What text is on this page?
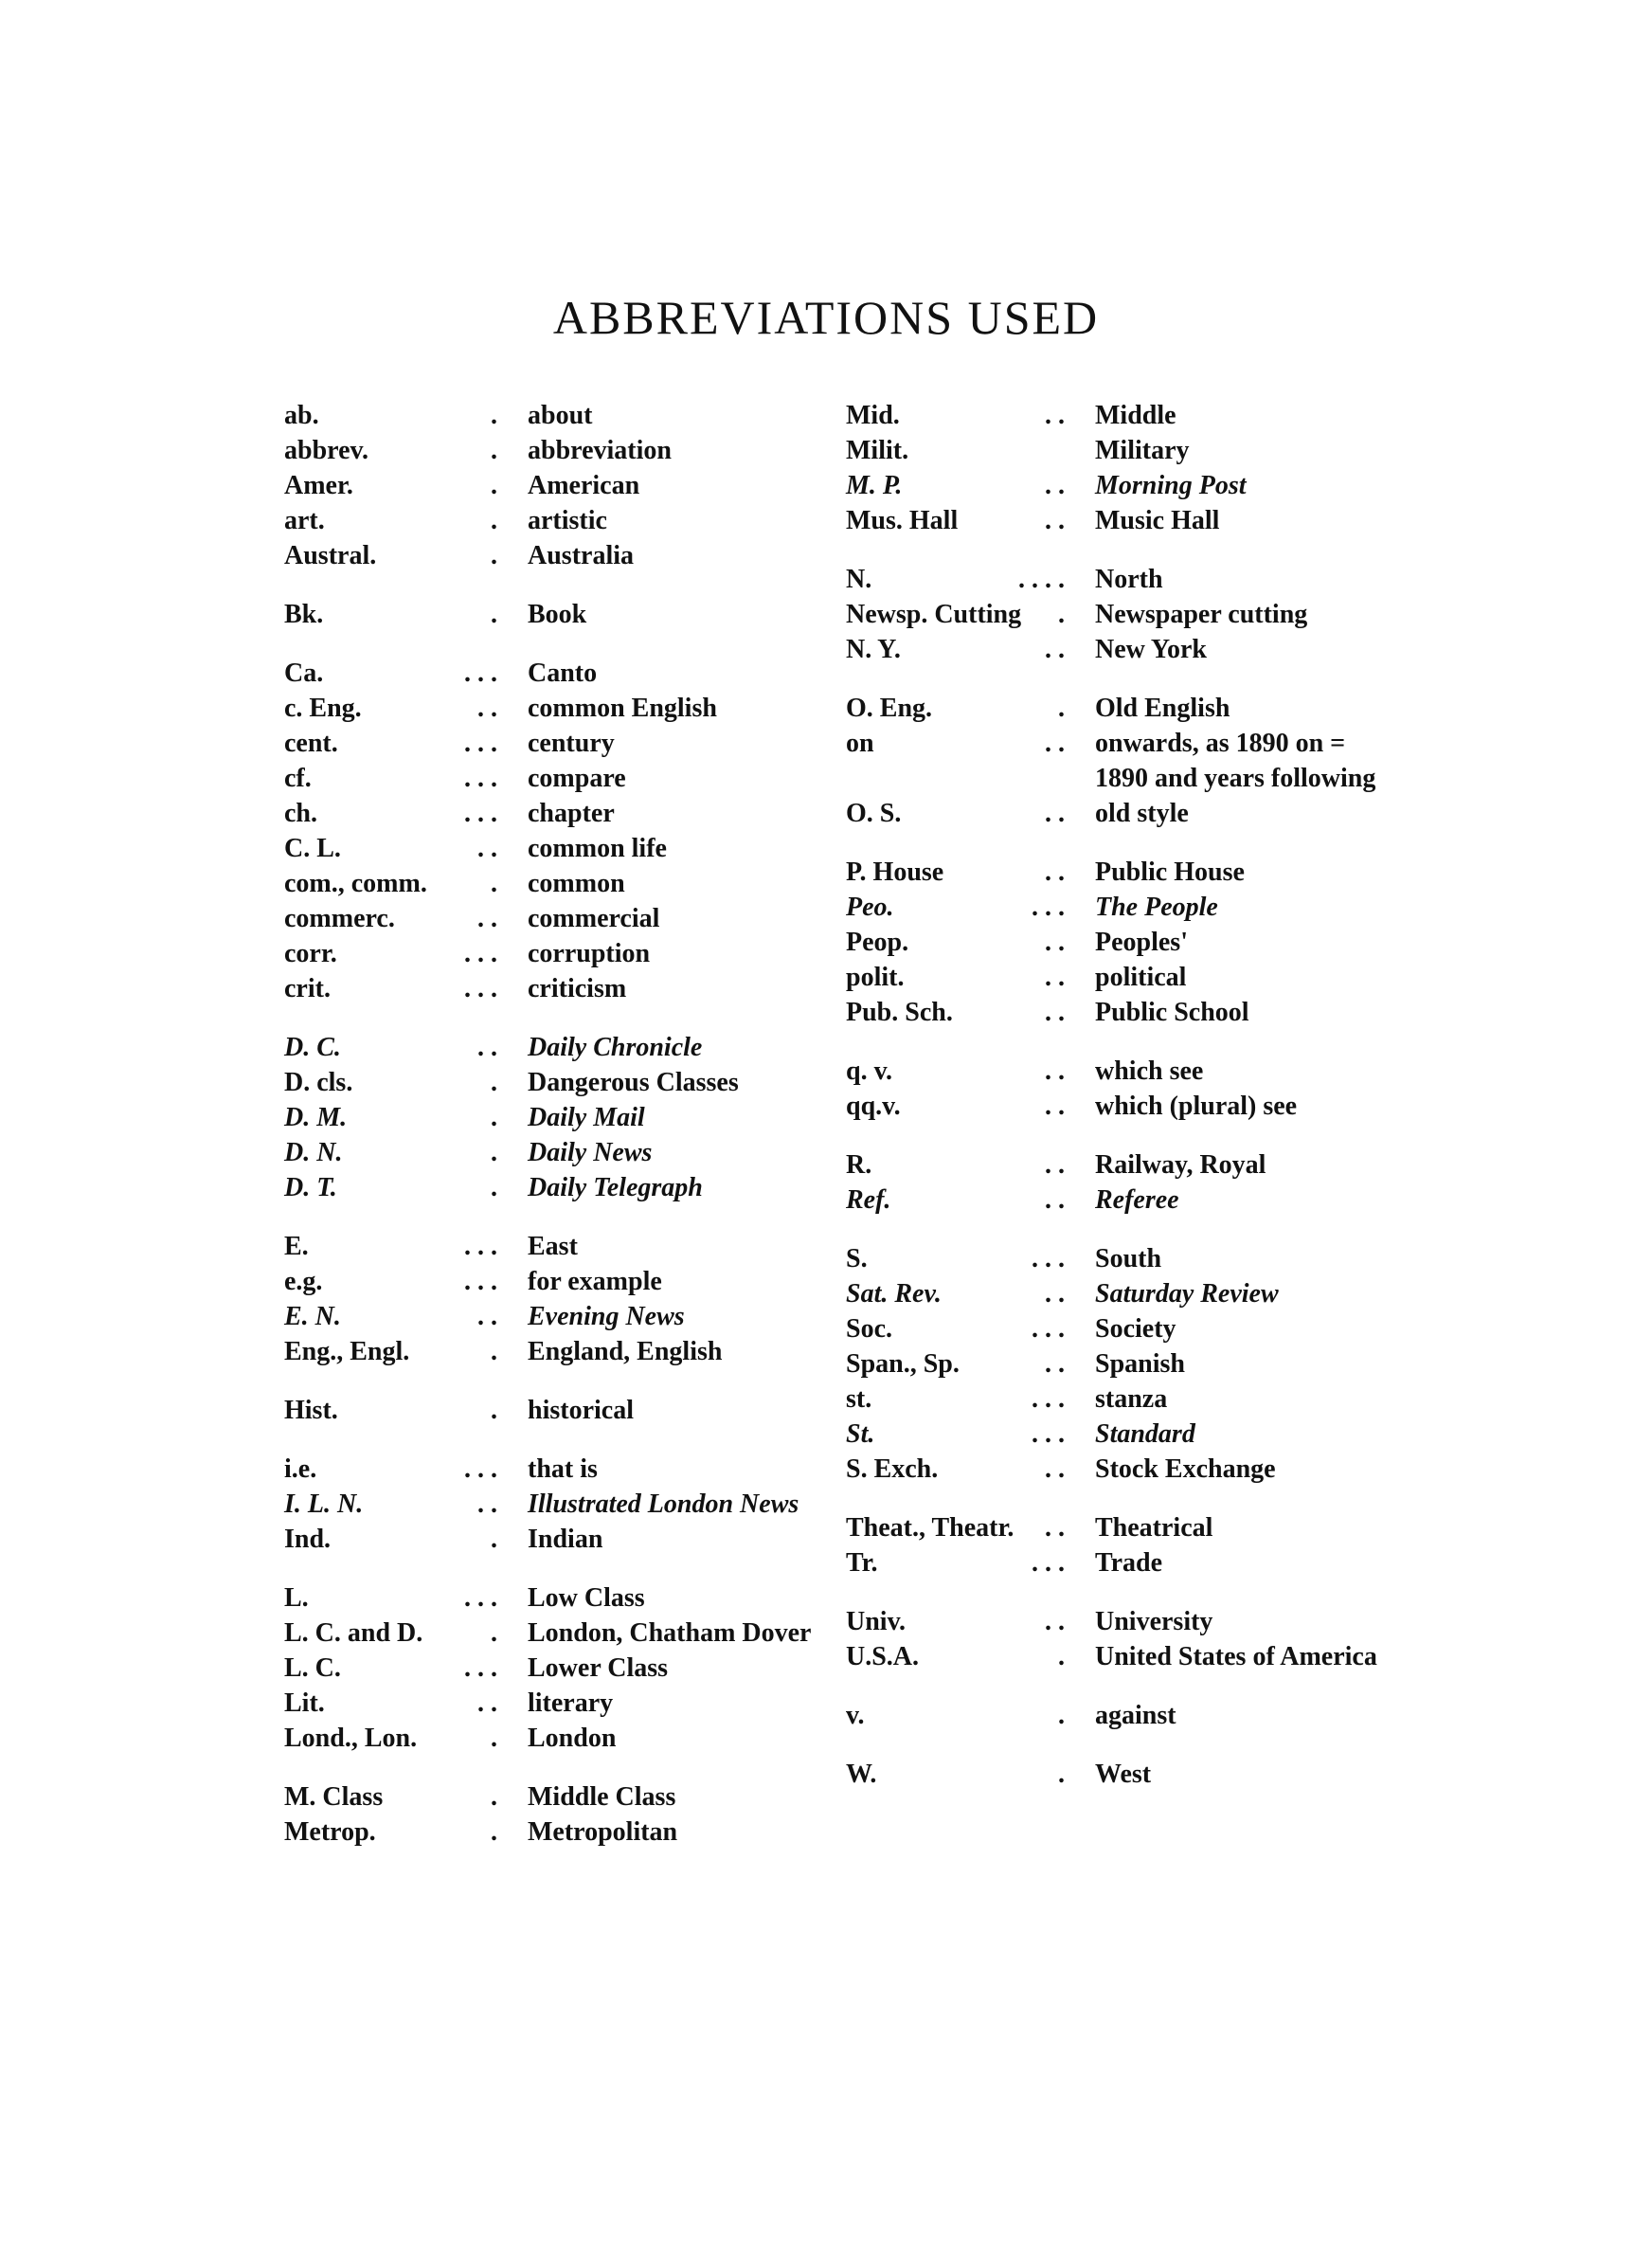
ABBREVIATIONS USED
ab.	. about
abbrev.	. abbreviation
Amer.	. American
art.	. artistic
Austral.	. Australia
Bk.	. Book
Ca.	. . . Canto
c. Eng.	. . common English
cent.	. . . century
cf.	. . . compare
ch.	. . . chapter
C. L.	. . common life
com., comm.	. common
commerc.	. . commercial
corr.	. . . corruption
crit.	. . . criticism
D. C.	. . Daily Chronicle
D. cls.	. Dangerous Classes
D. M.	. Daily Mail
D. N.	. Daily News
D. T.	. Daily Telegraph
E.	. . . East
e.g.	. . . for example
E. N.	. . Evening News
Eng., Engl.	. England, English
Hist.	. historical
i.e.	. . . that is
I. L. N.	. . Illustrated London News
Ind.	. Indian
L.	. . . Low Class
L. C. and D.	. London, Chatham Dover
L. C.	. . . Lower Class
Lit.	. . literary
Lond., Lon.	. London
M. Class	. Middle Class
Metrop.	. Metropolitan
Mid.	. . Middle
Milit.	Military
M. P.	. . Morning Post
Mus. Hall	. . Music Hall
N.	. . . . North
Newsp. Cutting	. Newspaper cutting
N. Y.	. . New York
O. Eng.	. Old English
on	. . onwards, as 1890 on = 1890 and years following
O. S.	. . old style
P. House	. . Public House
Peo.	. . . The People
Peop.	. . Peoples'
polit.	. . political
Pub. Sch.	. . Public School
q. v.	. . which see
qq.v.	. . which (plural) see
R.	. . Railway, Royal
Ref.	. . Referee
S.	. . . South
Sat. Rev.	. . Saturday Review
Soc.	. . . Society
Span., Sp.	. . Spanish
st.	. . . stanza
St.	. . . Standard
S. Exch.	. . Stock Exchange
Theat., Theatr.	. . Theatrical
Tr.	. . . Trade
Univ.	. . University
U.S.A.	. United States of America
v.	. against
W.	. West
